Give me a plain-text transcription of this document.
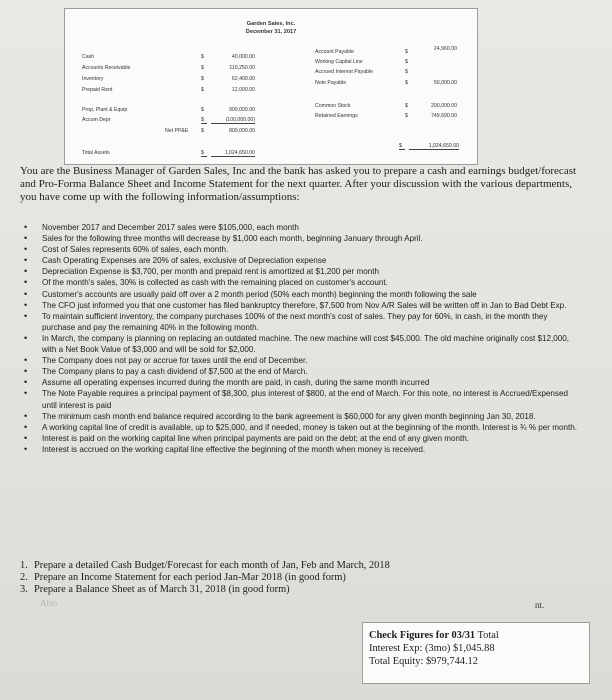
Garden Sales, Inc.
December 31, 2017
Cash	$	40,000.00
Accounts Receivable	$	110,250.00
Inventory	$	62,400.00
Prepaid Rent	$	12,000.00
Account Payable	$	24,960.00
Working Capital Line	$
Accrued Interest Payable	$
Note Payable	$	50,000.00
Prop, Plant & Equip	$	900,000.00
Accum Depr	$	(100,000.00)
Net PP&E $	800,000.00
Common Stock	$	200,000.00
Retained Earnings	$	749,690.00
Total Assets	$	1,024,650.00
$	1,024,650.00

You are the Business Manager of Garden Sales, Inc and the bank has asked you to prepare a cash and earnings budget/forecast and Pro-Forma Balance Sheet and Income Statement for the next quarter. After your discussion with the various departments, you have come up with the following information/assumptions:

• November 2017 and December 2017 sales were $105,000, each month
• Sales for the following three months will decrease by $1,000 each month, beginning January through April.
• Cost of Sales represents 60% of sales, each month.
• Cash Operating Expenses are 20% of sales, exclusive of Depreciation expense
• Depreciation Expense is $3,700, per month and prepaid rent is amortized at $1,200 per month
• Of the month's sales, 30% is collected as cash with the remaining placed on customer's account.
• Customer's accounts are usually paid off over a 2 month period (50% each month) beginning the month following the sale
• The CFO just informed you that one customer has filed bankruptcy therefore, $7,500 from Nov A/R Sales will be written off in Jan to Bad Debt Exp.
• To maintain sufficient inventory, the company purchases 100% of the next month's cost of sales. They pay for 60%, in cash, in the month they purchase and pay the remaining 40% in the following month.
• In March, the company is planning on replacing an outdated machine. The new machine will cost $45,000. The old machine originally cost $12,000, with a Net Book Value of $3,000 and will be sold for $2,000.
• The Company does not pay or accrue for taxes until the end of December.
• The Company plans to pay a cash dividend of $7,500 at the end of March.
• Assume all operating expenses incurred during the month are paid, in cash, during the same month incurred
• The Note Payable requires a principal payment of $8,300, plus interest of $800, at the end of March. For this note, no interest is Accrued/Expensed until interest is paid
• The minimum cash month end balance required according to the bank agreement is $60,000 for any given month beginning Jan 30, 2018.
• A working capital line of credit is available, up to $25,000, and if needed, money is taken out at the beginning of the month. Interest is ¾ % per month.
• Interest is paid on the working capital line when principal payments are paid on the debt; at the end of any given month.
• Interest is accrued on the working capital line effective the beginning of the month when money is received.
1. Prepare a detailed Cash Budget/Forecast for each month of Jan, Feb and March, 2018
2. Prepare an Income Statement for each period Jan-Mar 2018 (in good form)
3. Prepare a Balance Sheet as of March 31, 2018 (in good form)
Also	nt.
Check Figures for 03/31 Total
Interest Exp: (3mo) $1,045.88
Total Equity: $979,744.12
